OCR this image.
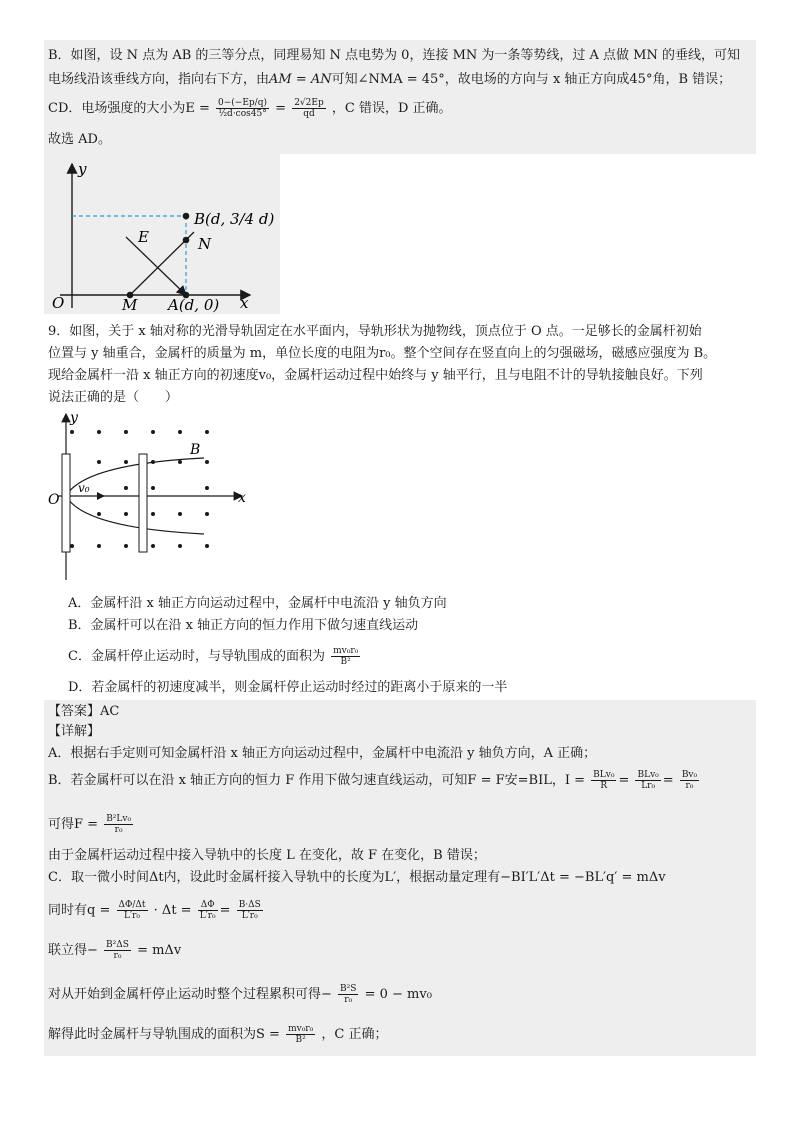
B．如图，设 N 点为 AB 的三等分点，同理易知 N 点电势为 0，连接 MN 为一条等势线，过 A 点做 MN 的垂线，可知
电场线沿该垂线方向，指向右下方，由AM = AN可知∠NMA = 45°，故电场的方向与 x 轴正方向成45°角，B 错误；
CD．电场强度的大小为$E = \frac{0-(-Ep/q)}{\text{½d·cos45°}} = \frac{2√2Ep}{qd}$ ，C 错误，D 正确。
故选 AD。
y
x
O
E	N
B(d, 3/4 d)
M A(d, 0)
9．如图，关于 x 轴对称的光滑导轨固定在水平面内，导轨形状为抛物线，顶点位于 O 点。一足够长的金属杆初始
位置与 y 轴重合，金属杆的质量为 m，单位长度的电阻为r₀。整个空间存在竖直向上的匀强磁场，磁感应强度为 B。
现给金属杆一沿 x 轴正方向的初速度v₀，金属杆运动过程中始终与 y 轴平行，且与电阻不计的导轨接触良好。下列
说法正确的是（　　）
y
x
O
v₀
B
A．金属杆沿 x 轴正方向运动过程中，金属杆中电流沿 y 轴负方向
B．金属杆可以在沿 x 轴正方向的恒力作用下做匀速直线运动
C．金属杆停止运动时，与导轨围成的面积为 $\frac{\text{mv₀r₀}}{\text{B²}}$
D．若金属杆的初速度减半，则金属杆停止运动时经过的距离小于原来的一半
【答案】AC
【详解】
A．根据右手定则可知金属杆沿 x 轴正方向运动过程中，金属杆中电流沿 y 轴负方向，A 正确；
B．若金属杆可以在沿 x 轴正方向的恒力 F 作用下做匀速直线运动，可知F = F安=BIL，$I = \frac{\text{BLv₀}}{R} = \frac{\text{BLv₀}}{\text{Lr₀}} = \frac{\text{Bv₀}}{\text{r₀}}$
可得$F = \frac{\text{B²Lv₀}}{\text{r₀}}$
由于金属杆运动过程中接入导轨中的长度 L 在变化，故 F 在变化，B 错误；
C．取一微小时间Δt内，设此时金属杆接入导轨中的长度为L′，根据动量定理有−BI′L′Δt = −BL′q′ = mΔv
同时有$q = \frac{\Delta\Phi/\Delta t}{\text{L′r₀}} \cdot \Delta t = \frac{\Delta\Phi}{\text{L′r₀}} = \frac{B\cdot\Delta S}{\text{L′r₀}}$
联立得− $\frac{\text{B²ΔS}}{\text{r₀}} = m\Delta v$
对从开始到金属杆停止运动时整个过程累积可得− $\frac{\text{B²S}}{\text{r₀}} = 0 - mv_0$
解得此时金属杆与导轨围成的面积为$S = \frac{\text{mv₀r₀}}{\text{B²}}$ ，C 正确；
